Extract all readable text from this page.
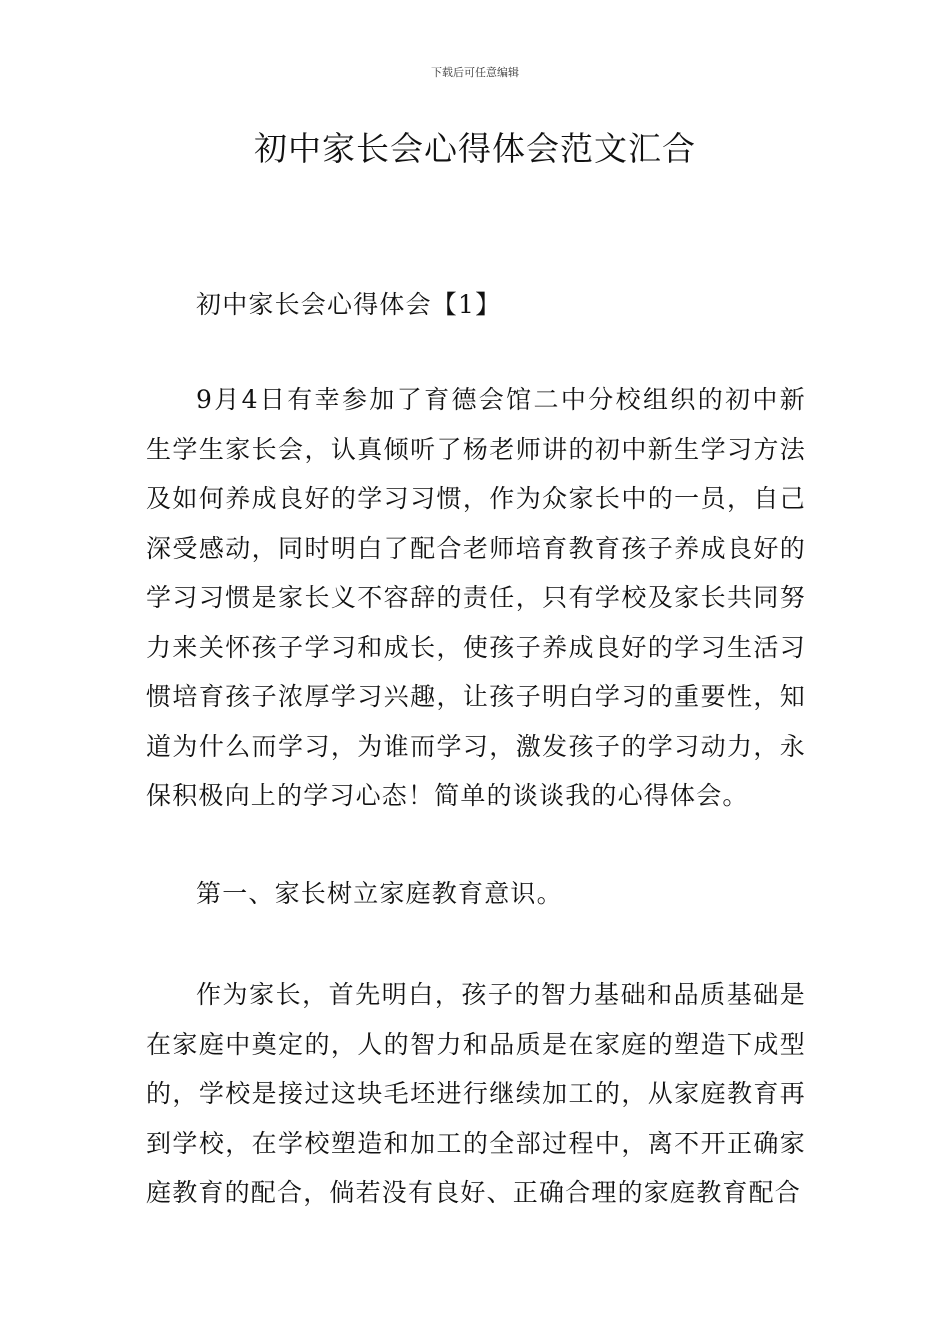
下载后可任意编辑
初中家长会心得体会范文汇合

初中家长会心得体会【1】

9月4日有幸参加了育德会馆二中分校组织的初中新生学生家长会，认真倾听了杨老师讲的初中新生学习方法及如何养成良好的学习习惯，作为众家长中的一员，自己深受感动，同时明白了配合老师培育教育孩子养成良好的学习习惯是家长义不容辞的责任，只有学校及家长共同努力来关怀孩子学习和成长，使孩子养成良好的学习生活习惯培育孩子浓厚学习兴趣，让孩子明白学习的重要性，知道为什么而学习，为谁而学习，激发孩子的学习动力，永保积极向上的学习心态！简单的谈谈我的心得体会。

第一、家长树立家庭教育意识。

作为家长，首先明白，孩子的智力基础和品质基础是在家庭中奠定的，人的智力和品质是在家庭的塑造下成型的，学校是接过这块毛坯进行继续加工的，从家庭教育再到学校，在学校塑造和加工的全部过程中，离不开正确家庭教育的配合，倘若没有良好、正确合理的家庭教育配合
